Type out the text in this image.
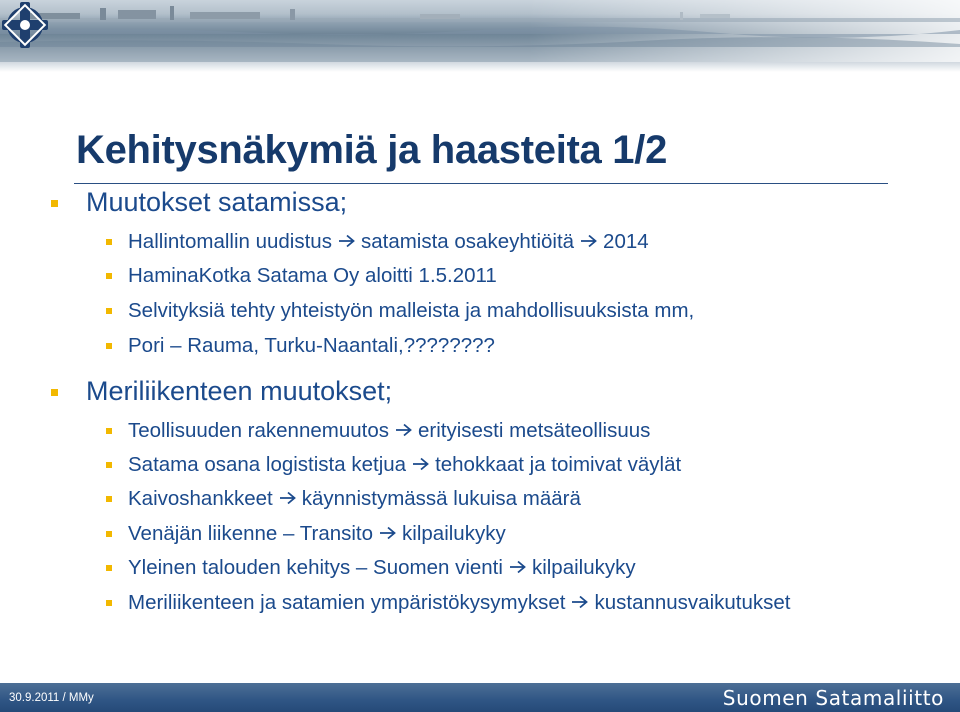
Kehitysnäkymiä ja haasteita 1/2
Muutokset satamissa;
Hallintomallin uudistus satamista osakeyhtiöitä 2014
HaminaKotka Satama Oy aloitti 1.5.2011
Selvityksiä tehty yhteistyön malleista ja mahdollisuuksista mm,
Pori – Rauma, Turku-Naantali,????????
Meriliikenteen muutokset;
Teollisuuden rakennemuutos erityisesti metsäteollisuus
Satama osana logistista ketjua tehokkaat ja toimivat väylät
Kaivoshankkeet käynnistymässä lukuisa määrä
Venäjän liikenne – Transito kilpailukyky
Yleinen talouden kehitys – Suomen vienti kilpailukyky
Meriliikenteen ja satamien ympäristökysymykset kustannusvaikutukset
30.9.2011 / MMy	Suomen Satamaliitto
